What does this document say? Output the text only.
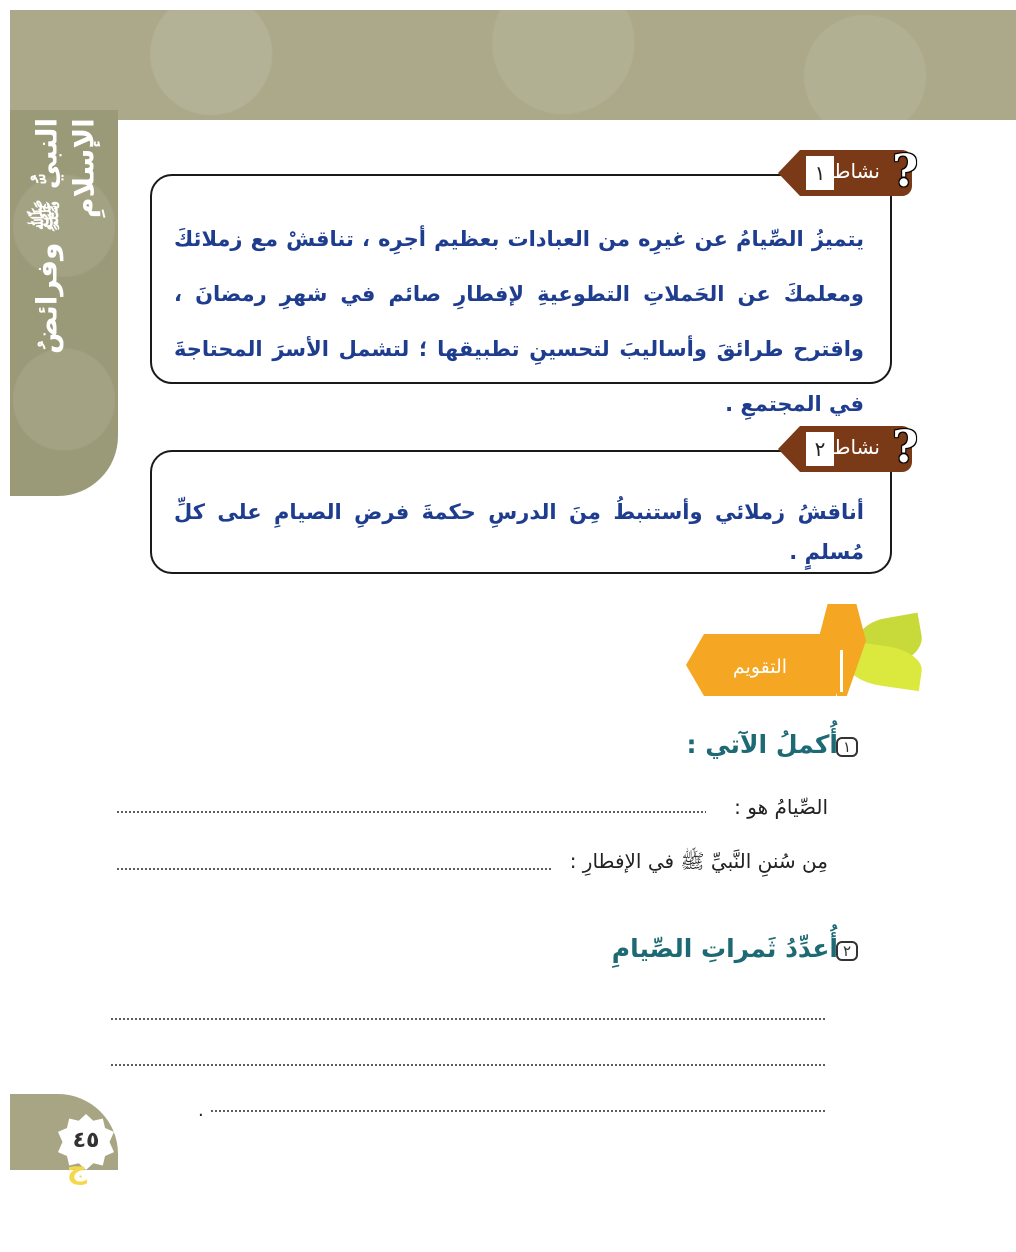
النبيُّ ﷺ وفرائضُ الإسلامِ
يتميزُ الصِّيامُ عن غيرِه من العبادات بعظيم أجرِه ، تناقشْ مع زملائكَ ومعلمكَ عن الحَملاتِ التطوعيةِ لإفطارِ صائم في شهرِ رمضانَ ، واقترح طرائقَ وأساليبَ لتحسينِ تطبيقها ؛ لتشمل الأسرَ المحتاجةَ في المجتمعِ .
١ نشاط ?
أناقشُ زملائي وأستنبطُ مِنَ الدرسِ حكمةَ فرضِ الصيامِ على كلِّ مُسلمٍ .
٢ نشاط ?
التقويم
١
أُكملُ الآتي :
الصِّيامُ هو :
مِن سُننِ النَّبيِّ ﷺ في الإفطارِ :
٢
أُعدِّدُ ثَمراتِ الصِّيامِ
.
٤٥
ج
